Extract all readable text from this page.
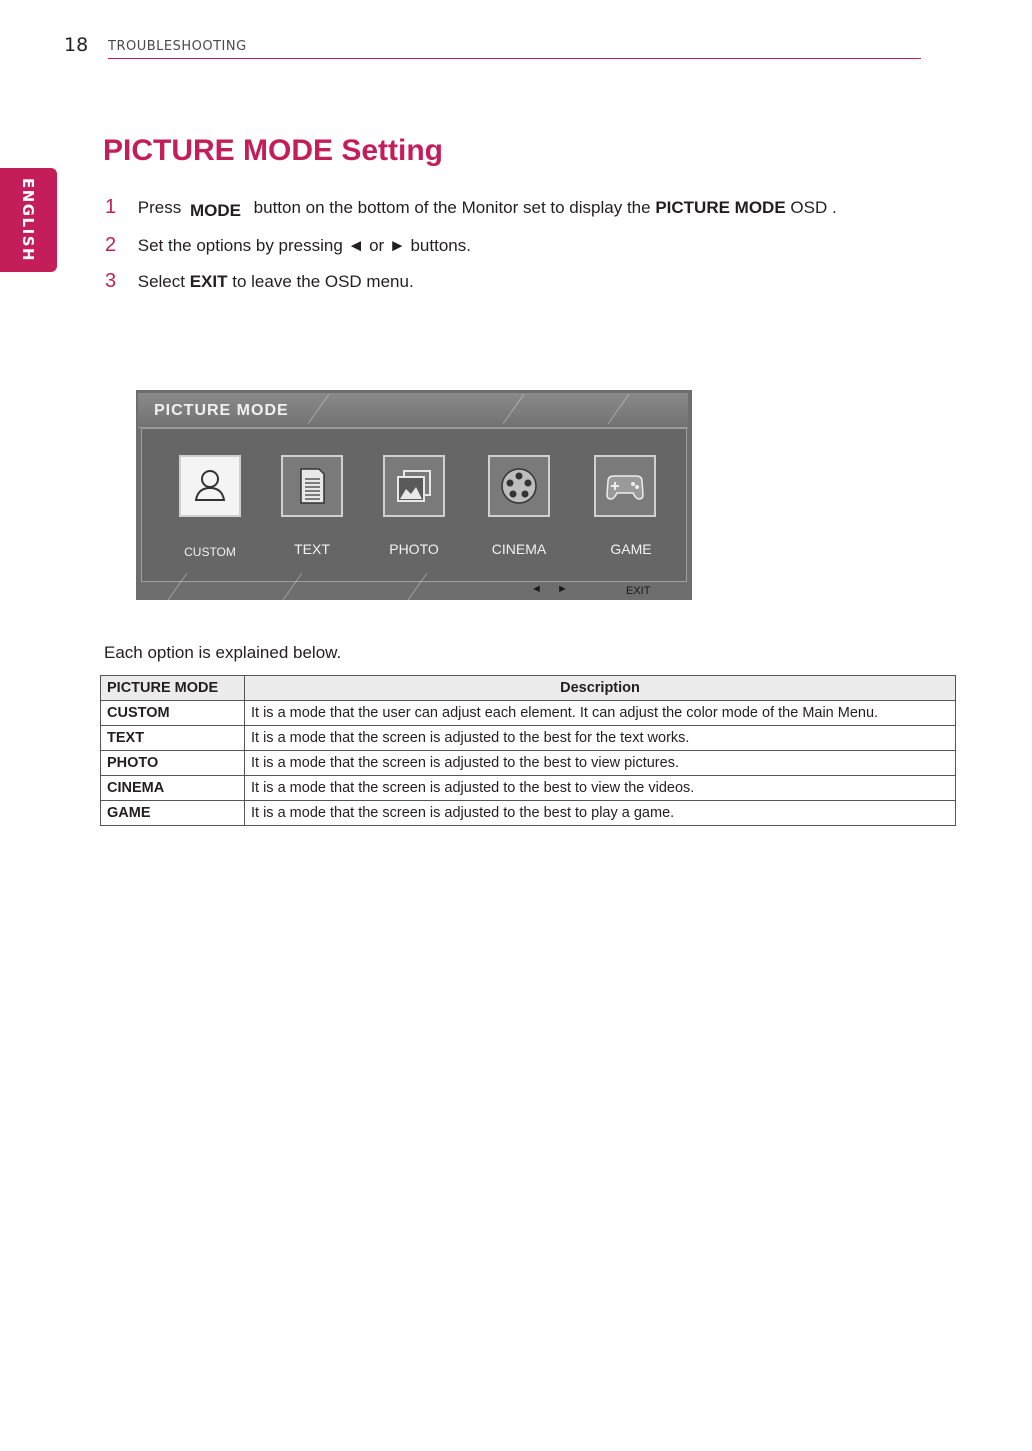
18 TROUBLESHOOTING
ENGLISH
PICTURE MODE Setting
1 Press MODE button on the bottom of the Monitor set to display the PICTURE MODE OSD .
2 Set the options by pressing ◄ or ► buttons.
3 Select EXIT to leave the OSD menu.
PICTURE MODE
CUSTOM	TEXT	PHOTO	CINEMA	GAME
◄ ►	EXIT
Each option is explained below.
PICTURE MODE	Description
CUSTOM	It is a mode that the user can adjust each element. It can adjust the color mode of the Main Menu.
TEXT	It is a mode that the screen is adjusted to the best for the text works.
PHOTO	It is a mode that the screen is adjusted to the best to view pictures.
CINEMA	It is a mode that the screen is adjusted to the best to view the videos.
GAME	It is a mode that the screen is adjusted to the best to play a game.
